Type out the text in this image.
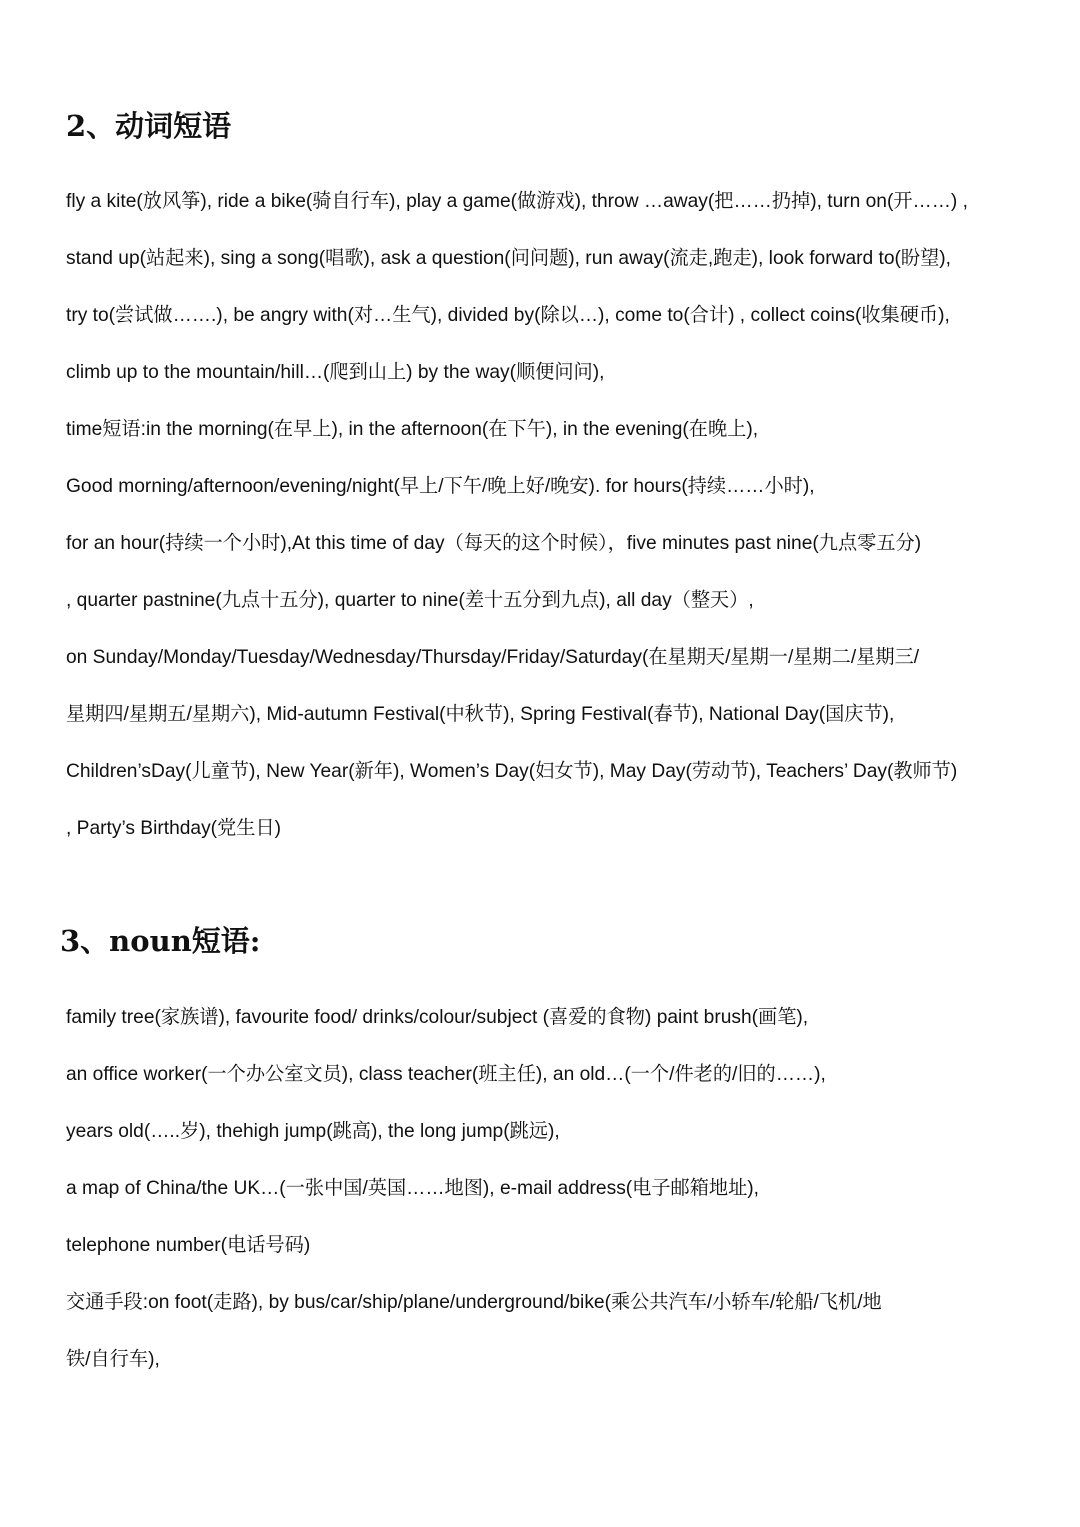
2、动词短语

fly a kite(放风筝), ride a bike(骑自行车), play a game(做游戏), throw …away(把……扔掉), turn on(开……) ,

stand up(站起来), sing a song(唱歌), ask a question(问问题), run away(流走,跑走), look forward to(盼望),

try to(尝试做…….), be angry with(对…生气), divided by(除以…), come to(合计) , collect coins(收集硬币),

climb up to the mountain/hill…(爬到山上) by the way(顺便问问),

time短语:in the morning(在早上), in the afternoon(在下午), in the evening(在晚上),

Good morning/afternoon/evening/night(早上/下午/晚上好/晚安). for hours(持续……小时),

for an hour(持续一个小时),At this time of day（每天的这个时候），five minutes past nine(九点零五分)

, quarter pastnine(九点十五分), quarter to nine(差十五分到九点), all day（整天）,

on Sunday/Monday/Tuesday/Wednesday/Thursday/Friday/Saturday(在星期天/星期一/星期二/星期三/

星期四/星期五/星期六), Mid-autumn Festival(中秋节), Spring Festival(春节), National Day(国庆节),

Children’sDay(儿童节), New Year(新年), Women’s Day(妇女节), May Day(劳动节), Teachers’ Day(教师节)

, Party’s Birthday(党生日)

3、noun短语:

family tree(家族谱), favourite food/ drinks/colour/subject (喜爱的食物) paint brush(画笔),

an office worker(一个办公室文员), class teacher(班主任), an old…(一个/件老的/旧的……),

years old(…..岁), thehigh jump(跳高), the long jump(跳远),

a map of China/the UK…(一张中国/英国……地图), e-mail address(电子邮箱地址),

telephone number(电话号码)

交通手段:on foot(走路), by bus/car/ship/plane/underground/bike(乘公共汽车/小轿车/轮船/飞机/地

铁/自行车),
